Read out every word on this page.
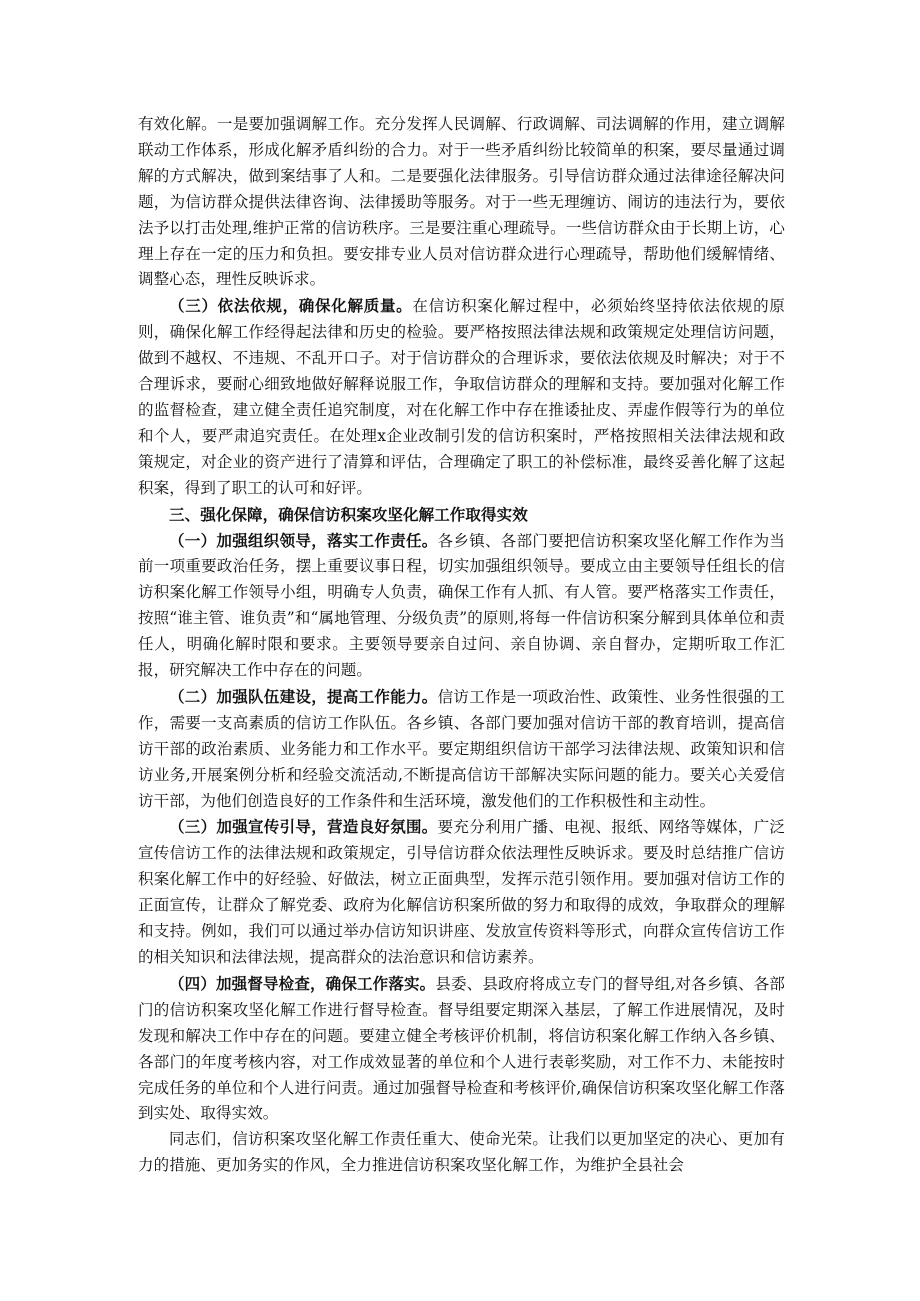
有效化解。一是要加强调解工作。充分发挥人民调解、行政调解、司法调解的作用，建立调解联动工作体系，形成化解矛盾纠纷的合力。对于一些矛盾纠纷比较简单的积案，要尽量通过调解的方式解决，做到案结事了人和。二是要强化法律服务。引导信访群众通过法律途径解决问题，为信访群众提供法律咨询、法律援助等服务。对于一些无理缠访、闹访的违法行为，要依法予以打击处理,维护正常的信访秩序。三是要注重心理疏导。一些信访群众由于长期上访，心理上存在一定的压力和负担。要安排专业人员对信访群众进行心理疏导，帮助他们缓解情绪、调整心态，理性反映诉求。

（三）依法依规，确保化解质量。在信访积案化解过程中，必须始终坚持依法依规的原则，确保化解工作经得起法律和历史的检验。要严格按照法律法规和政策规定处理信访问题，做到不越权、不违规、不乱开口子。对于信访群众的合理诉求，要依法依规及时解决；对于不合理诉求，要耐心细致地做好解释说服工作，争取信访群众的理解和支持。要加强对化解工作的监督检查，建立健全责任追究制度，对在化解工作中存在推诿扯皮、弄虚作假等行为的单位和个人，要严肃追究责任。在处理x企业改制引发的信访积案时，严格按照相关法律法规和政策规定，对企业的资产进行了清算和评估，合理确定了职工的补偿标准，最终妥善化解了这起积案，得到了职工的认可和好评。

三、强化保障，确保信访积案攻坚化解工作取得实效

（一）加强组织领导，落实工作责任。各乡镇、各部门要把信访积案攻坚化解工作作为当前一项重要政治任务，摆上重要议事日程，切实加强组织领导。要成立由主要领导任组长的信访积案化解工作领导小组，明确专人负责，确保工作有人抓、有人管。要严格落实工作责任，按照“谁主管、谁负责”和“属地管理、分级负责”的原则,将每一件信访积案分解到具体单位和责任人，明确化解时限和要求。主要领导要亲自过问、亲自协调、亲自督办，定期听取工作汇报，研究解决工作中存在的问题。

（二）加强队伍建设，提高工作能力。信访工作是一项政治性、政策性、业务性很强的工作，需要一支高素质的信访工作队伍。各乡镇、各部门要加强对信访干部的教育培训，提高信访干部的政治素质、业务能力和工作水平。要定期组织信访干部学习法律法规、政策知识和信访业务,开展案例分析和经验交流活动,不断提高信访干部解决实际问题的能力。要关心关爱信访干部，为他们创造良好的工作条件和生活环境，激发他们的工作积极性和主动性。

（三）加强宣传引导，营造良好氛围。要充分利用广播、电视、报纸、网络等媒体，广泛宣传信访工作的法律法规和政策规定，引导信访群众依法理性反映诉求。要及时总结推广信访积案化解工作中的好经验、好做法，树立正面典型，发挥示范引领作用。要加强对信访工作的正面宣传，让群众了解党委、政府为化解信访积案所做的努力和取得的成效，争取群众的理解和支持。例如，我们可以通过举办信访知识讲座、发放宣传资料等形式，向群众宣传信访工作的相关知识和法律法规，提高群众的法治意识和信访素养。

（四）加强督导检查，确保工作落实。县委、县政府将成立专门的督导组,对各乡镇、各部门的信访积案攻坚化解工作进行督导检查。督导组要定期深入基层，了解工作进展情况，及时发现和解决工作中存在的问题。要建立健全考核评价机制，将信访积案化解工作纳入各乡镇、各部门的年度考核内容，对工作成效显著的单位和个人进行表彰奖励，对工作不力、未能按时完成任务的单位和个人进行问责。通过加强督导检查和考核评价,确保信访积案攻坚化解工作落到实处、取得实效。

同志们，信访积案攻坚化解工作责任重大、使命光荣。让我们以更加坚定的决心、更加有力的措施、更加务实的作风，全力推进信访积案攻坚化解工作，为维护全县社会
